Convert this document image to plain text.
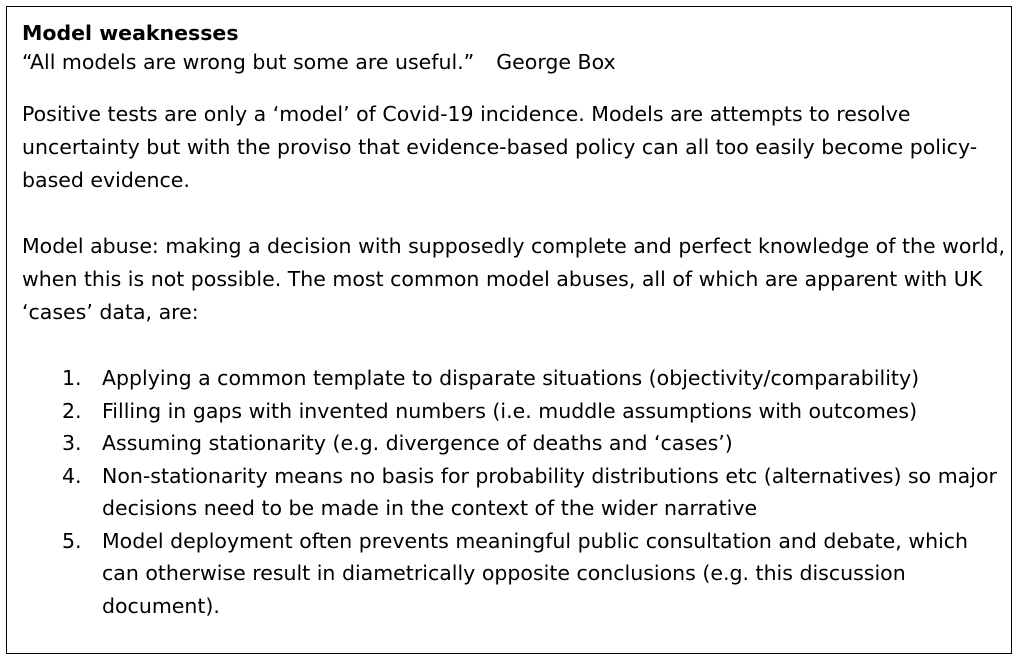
Model weaknesses

“All models are wrong but some are useful.” George Box

Positive tests are only a ‘model’ of Covid-19 incidence. Models are attempts to resolve uncertainty but with the proviso that evidence-based policy can all too easily become policy-based evidence.

Model abuse: making a decision with supposedly complete and perfect knowledge of the world, when this is not possible. The most common model abuses, all of which are apparent with UK ‘cases’ data, are:

1. Applying a common template to disparate situations (objectivity/comparability)
2. Filling in gaps with invented numbers (i.e. muddle assumptions with outcomes)
3. Assuming stationarity (e.g. divergence of deaths and ‘cases’)
4. Non-stationarity means no basis for probability distributions etc (alternatives) so major decisions need to be made in the context of the wider narrative
5. Model deployment often prevents meaningful public consultation and debate, which can otherwise result in diametrically opposite conclusions (e.g. this discussion document).
